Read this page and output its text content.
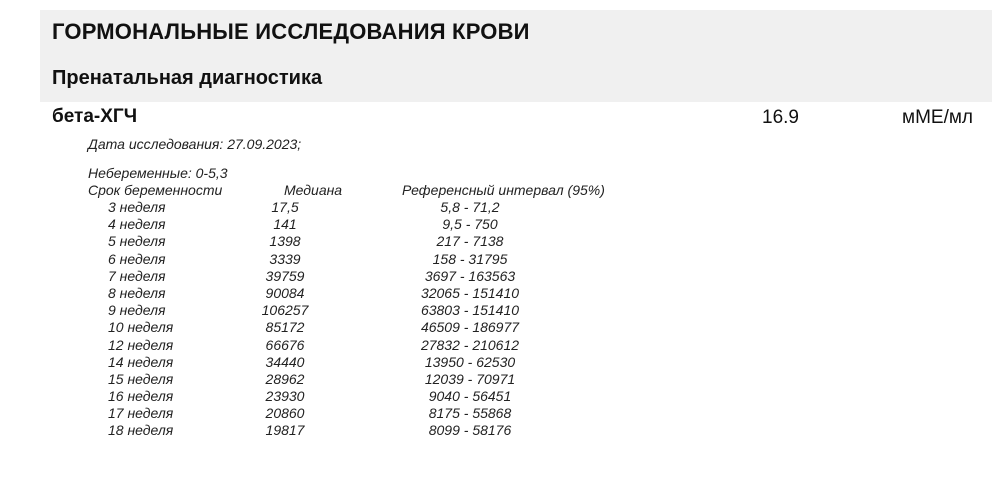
ГОРМОНАЛЬНЫЕ ИССЛЕДОВАНИЯ КРОВИ
Пренатальная диагностика
бета-ХГЧ	16.9	мМЕ/мл
Дата исследования: 27.09.2023;
Небеременные: 0-5,3
Срок беременности	Медиана	Референсный интервал (95%)
3 неделя	17,5	5,8 - 71,2
4 неделя	141	9,5 - 750
5 неделя	1398	217 - 7138
6 неделя	3339	158 - 31795
7 неделя	39759	3697 - 163563
8 неделя	90084	32065 - 151410
9 неделя	106257	63803 - 151410
10 неделя	85172	46509 - 186977
12 неделя	66676	27832 - 210612
14 неделя	34440	13950 - 62530
15 неделя	28962	12039 - 70971
16 неделя	23930	9040 - 56451
17 неделя	20860	8175 - 55868
18 неделя	19817	8099 - 58176
